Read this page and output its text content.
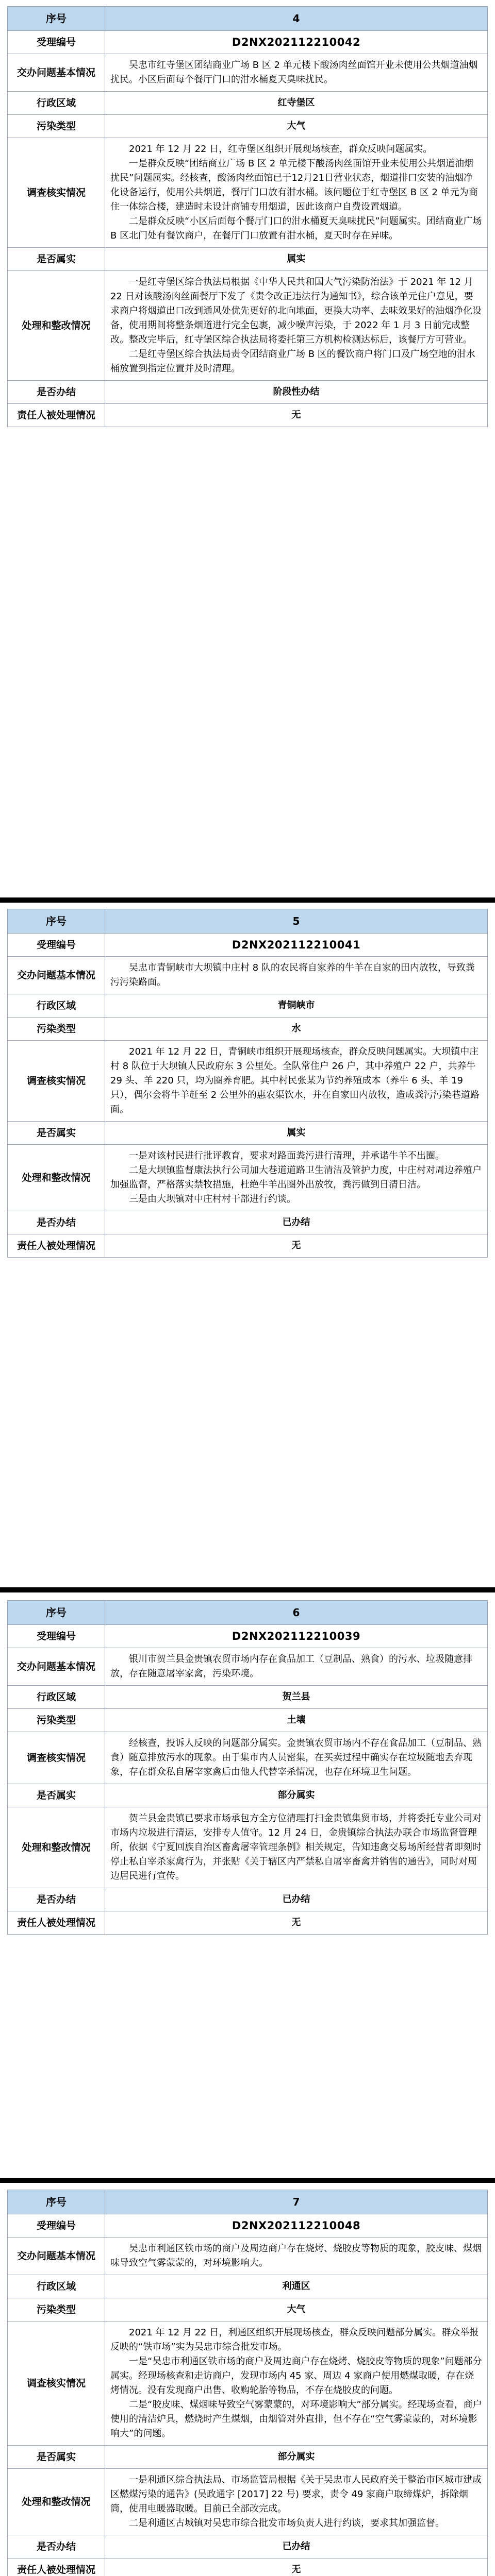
序号	4
受理编号	D2NX202112210042
交办问题基本情况	吴忠市红寺堡区团结商业广场 B 区 2 单元楼下酸汤肉丝面馆开业未使用公共烟道油烟扰民。小区后面每个餐厅门口的泔水桶夏天臭味扰民。

行政区域	红寺堡区
污染类型	大气
调查核实情况	2021 年 12 月 22 日，红寺堡区组织开展现场核查，群众反映问题属实。

一是群众反映“团结商业广场 B 区 2 单元楼下酸汤肉丝面馆开业未使用公共烟道油烟扰民”问题属实。经核查，酸汤肉丝面馆已于12月21日营业状态，烟道排口安装的油烟净化设备运行，使用公共烟道，餐厅门口放有泔水桶。该问题位于红寺堡区 B 区 2 单元为商住一体综合楼，建造时未设计商铺专用烟道，因此该商户自费设置烟道。

二是群众反映“小区后面每个餐厅门口的泔水桶夏天臭味扰民”问题属实。团结商业广场 B 区北门处有餐饮商户，在餐厅门口放置有泔水桶，夏天时存在异味。

是否属实	属实
处理和整改情况	一是红寺堡区综合执法局根据《中华人民共和国大气污染防治法》于 2021 年 12 月 22 日对该酸汤肉丝面餐厅下发了《责令改正违法行为通知书》，综合该单元住户意见，要求商户将烟道出口改到通风处优先更好的北向地面，更换大功率、去味效果好的油烟净化设备，使用期间将整条烟道进行完全包裹，减少噪声污染，于 2022 年 1 月 3 日前完成整改。整改完毕后，红寺堡区综合执法局将委托第三方机构检测达标后，该餐厅方可营业。

二是红寺堡区综合执法局责令团结商业广场 B 区的餐饮商户将门口及广场空地的泔水桶放置到指定位置并及时清理。

是否办结	阶段性办结
责任人被处理情况	无
序号	5
受理编号	D2NX202112210041
交办问题基本情况	吴忠市青铜峡市大坝镇中庄村 8 队的农民将自家养的牛羊在自家的田内放牧，导致粪污污染路面。

行政区域	青铜峡市
污染类型	水
调查核实情况	2021 年 12 月 22 日，青铜峡市组织开展现场核查，群众反映问题属实。大坝镇中庄村 8 队位于大坝镇人民政府东 3 公里处。全队常住户 26 户，其中养殖户 22 户，共养牛 29 头、羊 220 只，均为圈养育肥。其中村民张某为节约养殖成本（养牛 6 头、羊 19 只），偶尔会将牛羊赶至 2 公里外的惠农渠饮水，并在自家田内放牧，造成粪污污染巷道路面。

是否属实	属实
处理和整改情况	一是对该村民进行批评教育，要求对路面粪污进行清理，并承诺牛羊不出圈。

二是大坝镇监督康法执行公司加大巷道道路卫生清洁及管护力度，中庄村对周边养殖户加强监督，严格落实禁牧措施，杜绝牛羊出圈外出放牧，粪污做到日清日洁。

三是由大坝镇对中庄村村干部进行约谈。

是否办结	已办结
责任人被处理情况	无
序号	6
受理编号	D2NX202112210039
交办问题基本情况	银川市贺兰县金贵镇农贸市场内存在食品加工（豆制品、熟食）的污水、垃圾随意排放，存在随意屠宰家禽，污染环境。

行政区域	贺兰县
污染类型	土壤
调查核实情况	经核查，投诉人反映的问题部分属实。金贵镇农贸市场内不存在食品加工（豆制品、熟食）随意排放污水的现象。由于集市内人员密集，在买卖过程中确实存在垃圾随地丢弃现象，存在群众私自屠宰家禽后由他人代替宰杀情况，也存在环境卫生问题。

是否属实	部分属实
处理和整改情况	贺兰县金贵镇已要求市场承包方全方位清理打扫金贵镇集贸市场，并将委托专业公司对市场内垃圾进行清运，安排专人值守。12 月 24 日，金贵镇综合执法办联合市场监督管理所，依据《宁夏回族自治区畜禽屠宰管理条例》相关规定，告知违禽交易场所经营者即刻时停止私自宰杀家禽行为，并张贴《关于辖区内严禁私自屠宰畜禽并销售的通告》，同时对周边居民进行宣传。

是否办结	已办结
责任人被处理情况	无
序号	7
受理编号	D2NX202112210048
交办问题基本情况	吴忠市利通区铁市场的商户及周边商户存在烧烤、烧胶皮等物质的现象，胶皮味、煤烟味导致空气雾蒙蒙的，对环境影响大。

行政区域	利通区
污染类型	大气
调查核实情况	2021 年 12 月 22 日，利通区组织开展现场核查，群众反映问题部分属实。群众举报反映的“铁市场”实为吴忠市综合批发市场。

一是“吴忠市利通区铁市场的商户及周边商户存在烧烤、烧胶皮等物质的现象”问题部分属实。经现场核查和走访商户，发现市场内 45 家、周边 4 家商户使用燃煤取暖，存在烧烤情况。没有发现商户出售、收购轮胎等物品，不存在烧胶皮的问题。

二是“胶皮味、煤烟味导致空气雾蒙蒙的，对环境影响大”部分属实。经现场查看，商户使用的清洁炉具，燃烧时产生煤烟，由烟管对外直排，但不存在“空气雾蒙蒙的，对环境影响大”的问题。

是否属实	部分属实
处理和整改情况	一是利通区综合执法局、市场监管局根据《关于吴忠市人民政府关于整治市区城市建成区燃煤污染的通告》(吴政通字 [2017] 22 号) 要求，责令 49 家商户取缔煤炉，拆除烟筒，使用电暖器取暖。目前已全部改完成。

二是利通区古城镇对吴忠市综合批发市场负责人进行约谈，要求其加强监督。

是否办结	已办结
责任人被处理情况	无
